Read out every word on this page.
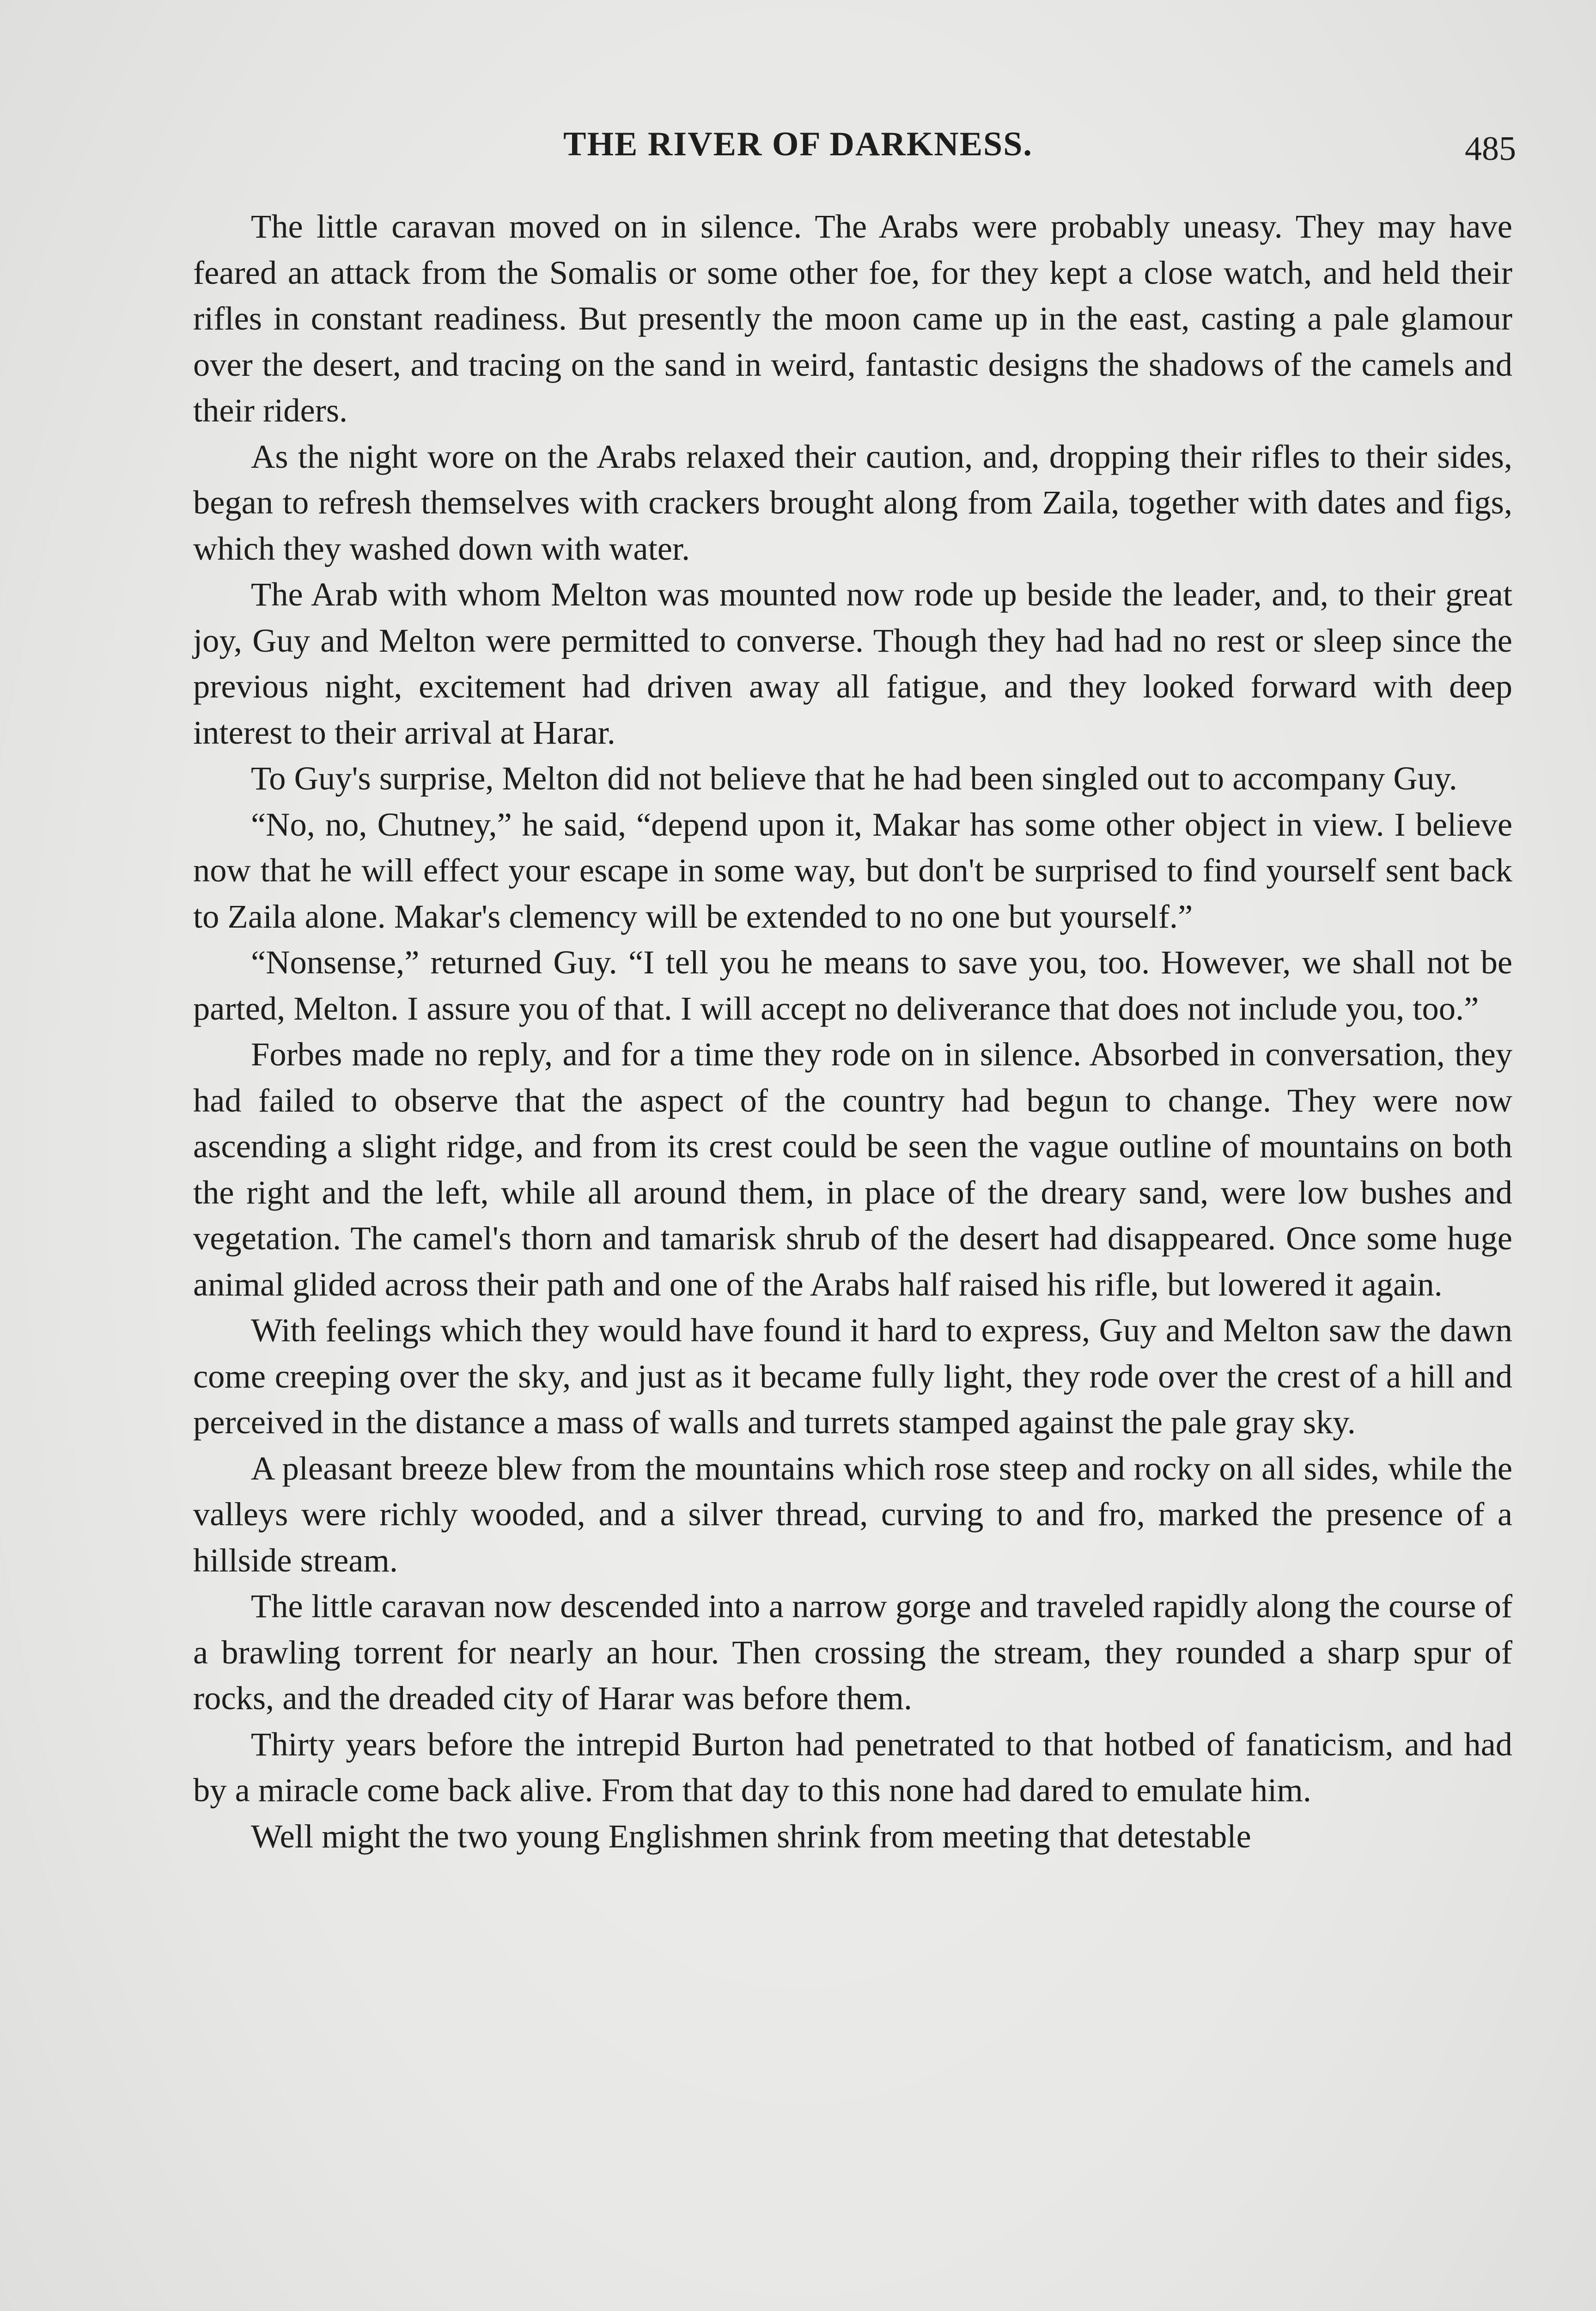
THE RIVER OF DARKNESS.	485

The little caravan moved on in silence. The Arabs were probably uneasy. They may have feared an attack from the Somalis or some other foe, for they kept a close watch, and held their rifles in constant readiness. But presently the moon came up in the east, casting a pale glamour over the desert, and tracing on the sand in weird, fantastic designs the shadows of the camels and their riders.

As the night wore on the Arabs relaxed their caution, and, dropping their rifles to their sides, began to refresh themselves with crackers brought along from Zaila, together with dates and figs, which they washed down with water.

The Arab with whom Melton was mounted now rode up beside the leader, and, to their great joy, Guy and Melton were permitted to converse. Though they had had no rest or sleep since the previous night, excitement had driven away all fatigue, and they looked forward with deep interest to their arrival at Harar.

To Guy's surprise, Melton did not believe that he had been singled out to accompany Guy.

“No, no, Chutney,” he said, “depend upon it, Makar has some other object in view. I believe now that he will effect your escape in some way, but don't be surprised to find yourself sent back to Zaila alone. Makar's clemency will be extended to no one but yourself.”

“Nonsense,” returned Guy. “I tell you he means to save you, too. However, we shall not be parted, Melton. I assure you of that. I will accept no deliverance that does not include you, too.”

Forbes made no reply, and for a time they rode on in silence. Absorbed in conversation, they had failed to observe that the aspect of the country had begun to change. They were now ascending a slight ridge, and from its crest could be seen the vague outline of mountains on both the right and the left, while all around them, in place of the dreary sand, were low bushes and vegetation. The camel's thorn and tamarisk shrub of the desert had disappeared. Once some huge animal glided across their path and one of the Arabs half raised his rifle, but lowered it again.

With feelings which they would have found it hard to express, Guy and Melton saw the dawn come creeping over the sky, and just as it became fully light, they rode over the crest of a hill and perceived in the distance a mass of walls and turrets stamped against the pale gray sky.

A pleasant breeze blew from the mountains which rose steep and rocky on all sides, while the valleys were richly wooded, and a silver thread, curving to and fro, marked the presence of a hillside stream.

The little caravan now descended into a narrow gorge and traveled rapidly along the course of a brawling torrent for nearly an hour. Then crossing the stream, they rounded a sharp spur of rocks, and the dreaded city of Harar was before them.

Thirty years before the intrepid Burton had penetrated to that hotbed of fanaticism, and had by a miracle come back alive. From that day to this none had dared to emulate him.

Well might the two young Englishmen shrink from meeting that detestable
